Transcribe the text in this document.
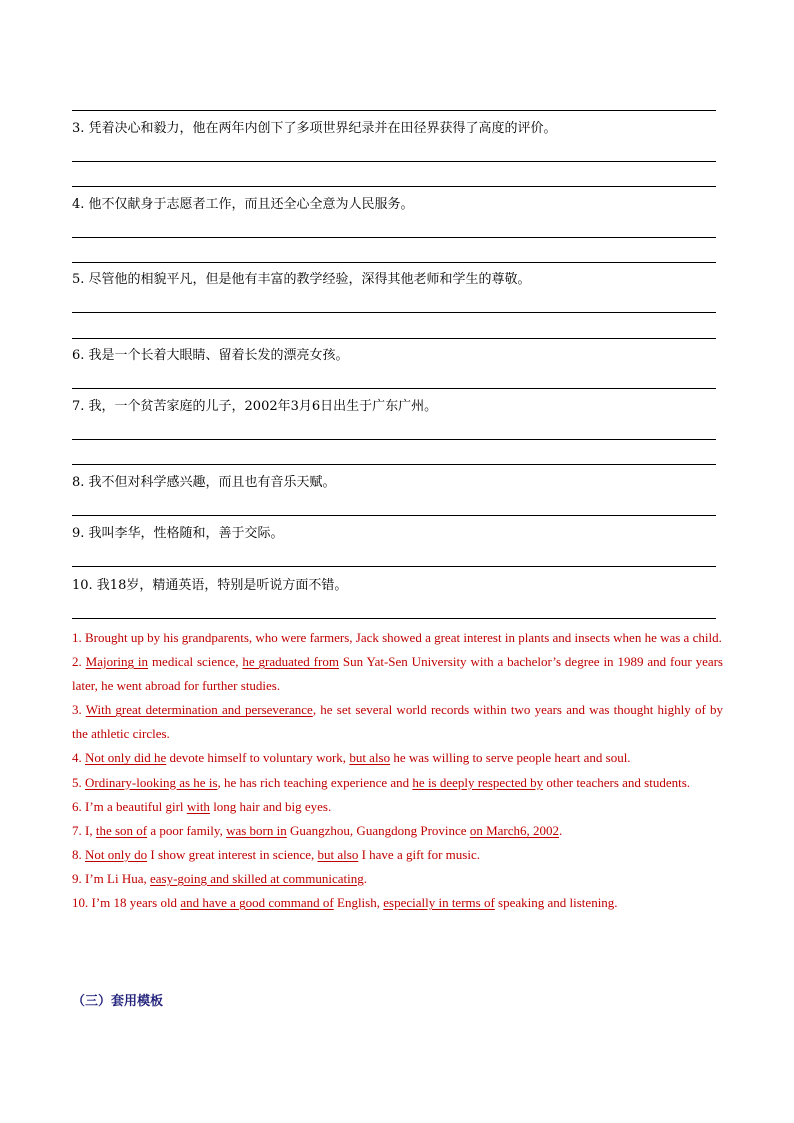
3. 凭着决心和毅力，他在两年内创下了多项世界纪录并在田径界获得了高度的评价。
4. 他不仅献身于志愿者工作，而且还全心全意为人民服务。
5. 尽管他的相貌平凡，但是他有丰富的教学经验，深得其他老师和学生的尊敬。
6. 我是一个长着大眼睛、留着长发的漂亮女孩。
7. 我，一个贫苦家庭的儿子，2002年3月6日出生于广东广州。
8. 我不但对科学感兴趣，而且也有音乐天赋。
9. 我叫李华，性格随和，善于交际。
10. 我18岁，精通英语，特别是听说方面不错。

1. Brought up by his grandparents, who were farmers, Jack showed a great interest in plants and insects when he was a child.

2. Majoring in medical science, he graduated from Sun Yat-Sen University with a bachelor’s degree in 1989 and four years later, he went abroad for further studies.

3. With great determination and perseverance, he set several world records within two years and was thought highly of by the athletic circles.

4. Not only did he devote himself to voluntary work, but also he was willing to serve people heart and soul.

5. Ordinary-looking as he is, he has rich teaching experience and he is deeply respected by other teachers and students.

6. I’m a beautiful girl with long hair and big eyes.

7. I, the son of a poor family, was born in Guangzhou, Guangdong Province on March6, 2002.

8. Not only do I show great interest in science, but also I have a gift for music.

9. I’m Li Hua, easy-going and skilled at communicating.

10. I’m 18 years old and have a good command of English, especially in terms of speaking and listening.

（三）套用模板
